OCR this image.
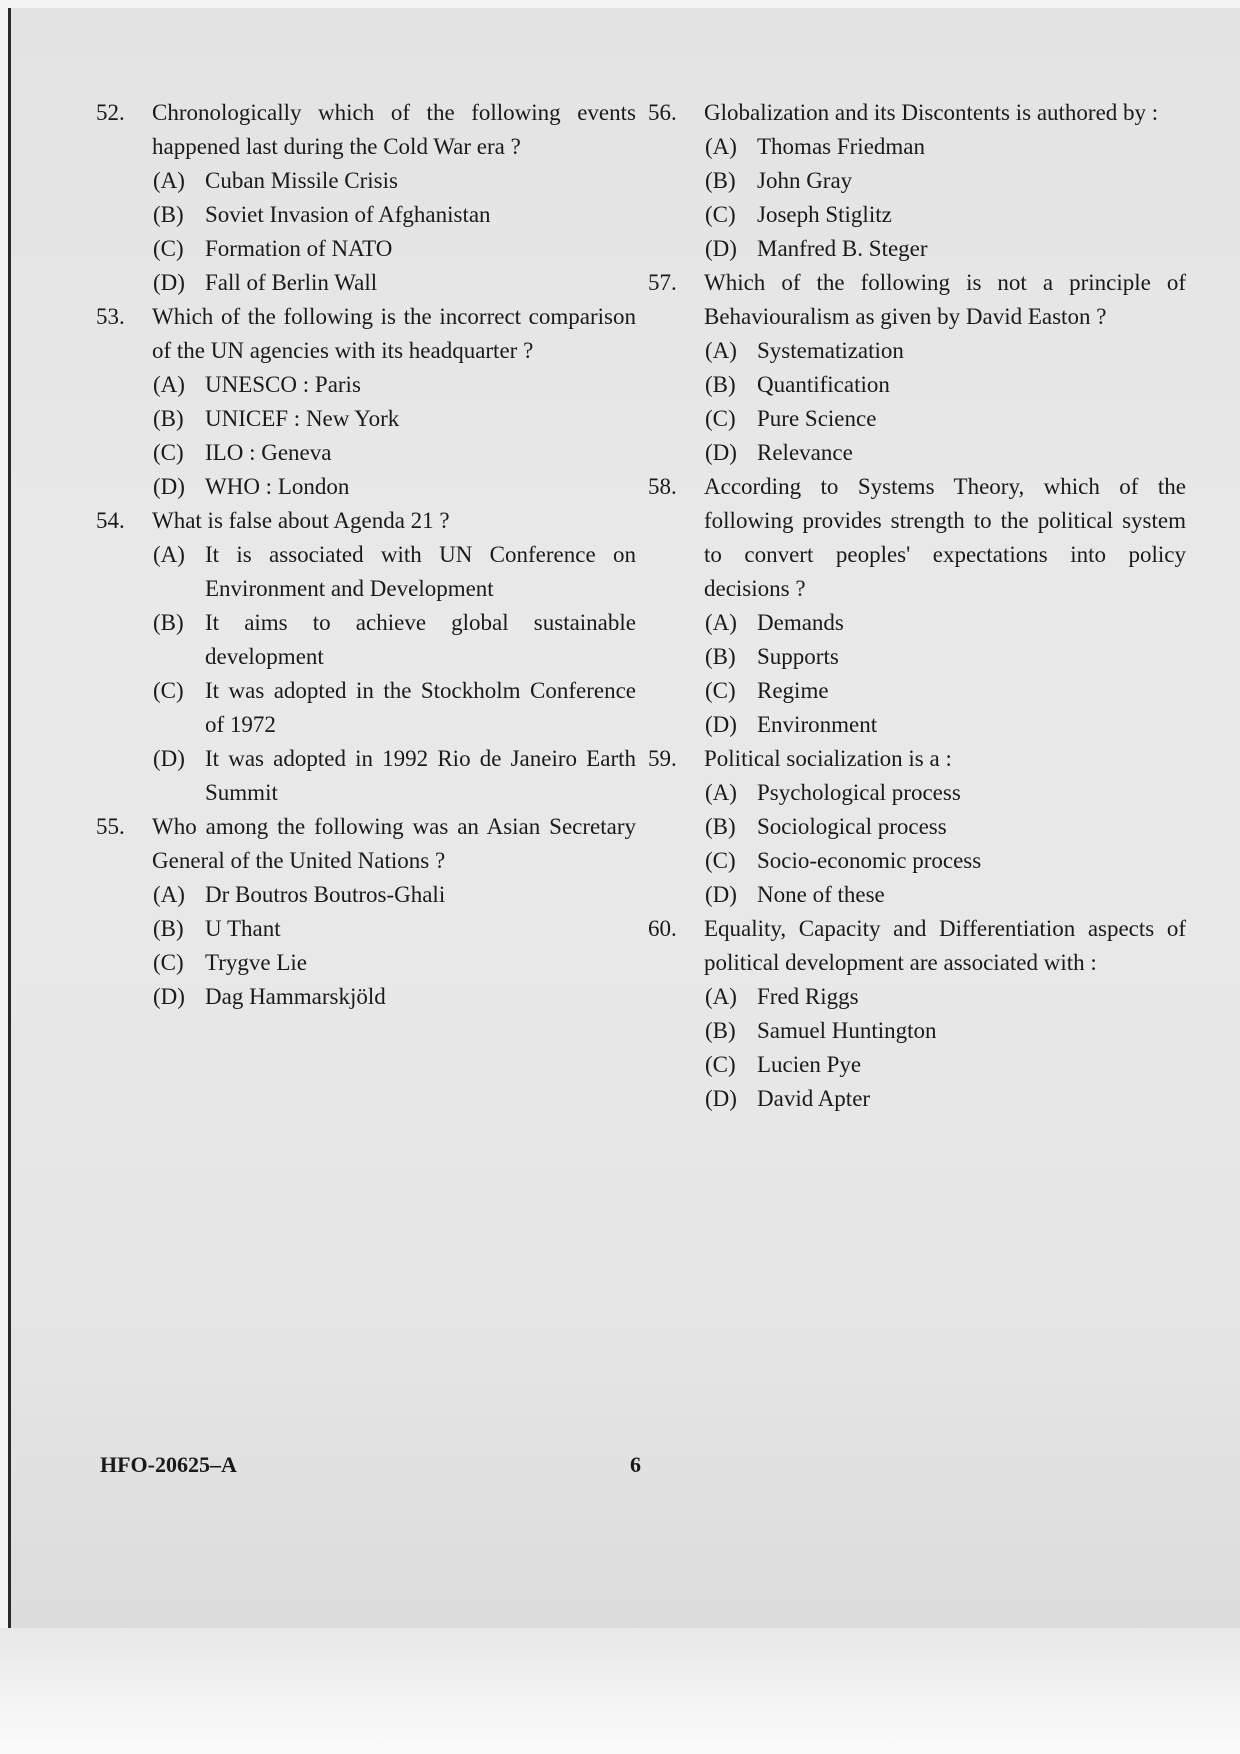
52.	Chronologically which of the following events happened last during the Cold War era ?
(A) Cuban Missile Crisis
(B) Soviet Invasion of Afghanistan
(C) Formation of NATO
(D) Fall of Berlin Wall
53.	Which of the following is the incorrect comparison of the UN agencies with its headquarter ?
(A) UNESCO : Paris
(B) UNICEF : New York
(C) ILO : Geneva
(D) WHO : London
54.	What is false about Agenda 21 ?
(A) It is associated with UN Conference on Environment and Development
(B) It aims to achieve global sustainable development
(C) It was adopted in the Stockholm Conference of 1972
(D) It was adopted in 1992 Rio de Janeiro Earth Summit
55.	Who among the following was an Asian Secretary General of the United Nations ?
(A) Dr Boutros Boutros-Ghali
(B) U Thant
(C) Trygve Lie
(D) Dag Hammarskjöld
56.	Globalization and its Discontents is authored by :
(A) Thomas Friedman
(B) John Gray
(C) Joseph Stiglitz
(D) Manfred B. Steger
57.	Which of the following is not a principle of Behaviouralism as given by David Easton ?
(A) Systematization
(B) Quantification
(C) Pure Science
(D) Relevance
58.	According to Systems Theory, which of the following provides strength to the political system to convert peoples' expectations into policy decisions ?
(A) Demands
(B) Supports
(C) Regime
(D) Environment
59.	Political socialization is a :
(A) Psychological process
(B) Sociological process
(C) Socio-economic process
(D) None of these
60.	Equality, Capacity and Differentiation aspects of political development are associated with :
(A) Fred Riggs
(B) Samuel Huntington
(C) Lucien Pye
(D) David Apter
HFO-20625–A	6
